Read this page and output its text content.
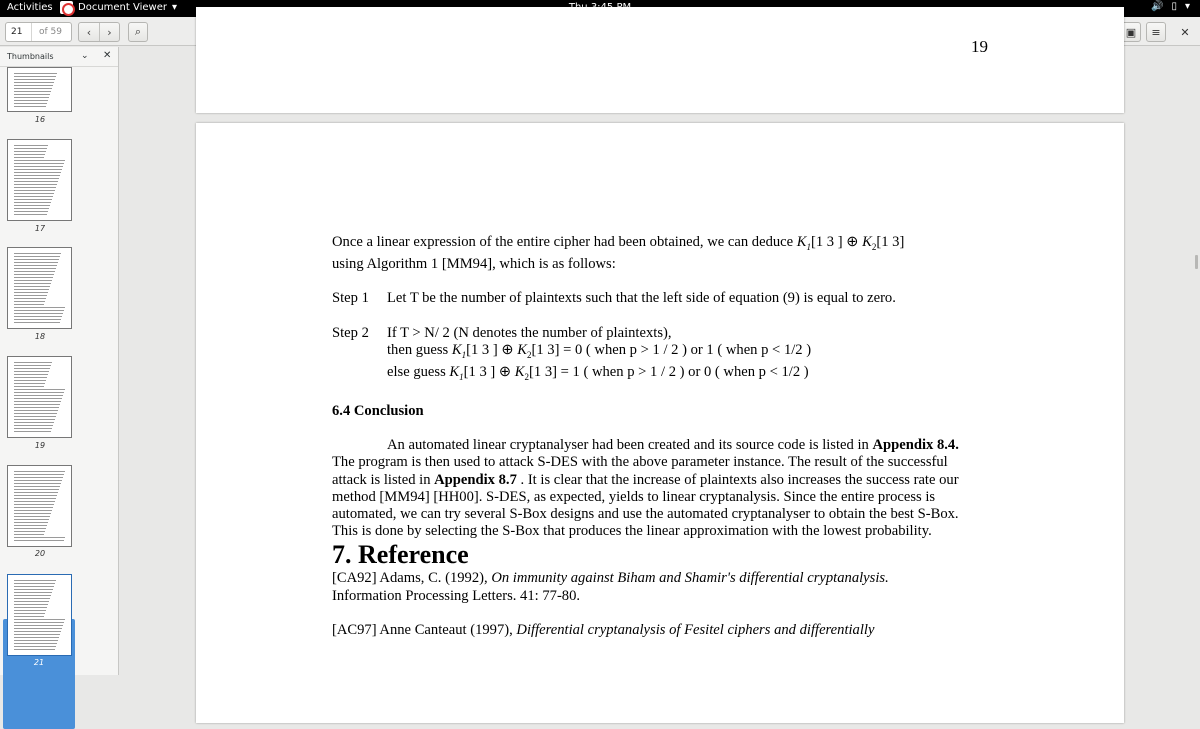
Activities	Document Viewer ▾	🔊 ▯ ▾
21	of 59 ‹ › ⌕	▣ ≡ ✕
Thumbnails	⌄ ✕
16
17
18
19
20
21
19

Once a linear expression of the entire cipher had been obtained, we can deduce $K_1[1$ 3 ] ⊕ $K_2[1$ 3]

using Algorithm 1 [MM94], which is as follows:

Step 1	Let T be the number of plaintexts such that the left side of equation (9) is equal to zero.
Step 2	If T > N/ 2 (N denotes the number of plaintexts),

then guess $K_1[1$ 3 ] ⊕ $K_2[1$ 3] = 0 ( when p > 1 / 2 ) or 1 ( when p < 1/2 )

else guess $K_1[1$ 3 ] ⊕ $K_2[1$ 3] = 1 ( when p > 1 / 2 ) or 0 ( when p < 1/2 )

6.4 Conclusion

An automated linear cryptanalyser had been created and its source code is listed in Appendix 8.4.

The program is then used to attack S-DES with the above parameter instance. The result of the successful

attack is listed in Appendix 8.7 . It is clear that the increase of plaintexts also increases the success rate our

method [MM94] [HH00]. S-DES, as expected, yields to linear cryptanalysis. Since the entire process is

automated, we can try several S-Box designs and use the automated cryptanalyser to obtain the best S-Box.

This is done by selecting the S-Box that produces the linear approximation with the lowest probability.

7. Reference

[CA92] Adams, C. (1992), On immunity against Biham and Shamir's differential cryptanalysis.

Information Processing Letters. 41: 77-80.

[AC97] Anne Canteaut (1997), Differential cryptanalysis of Fesitel ciphers and differentially
